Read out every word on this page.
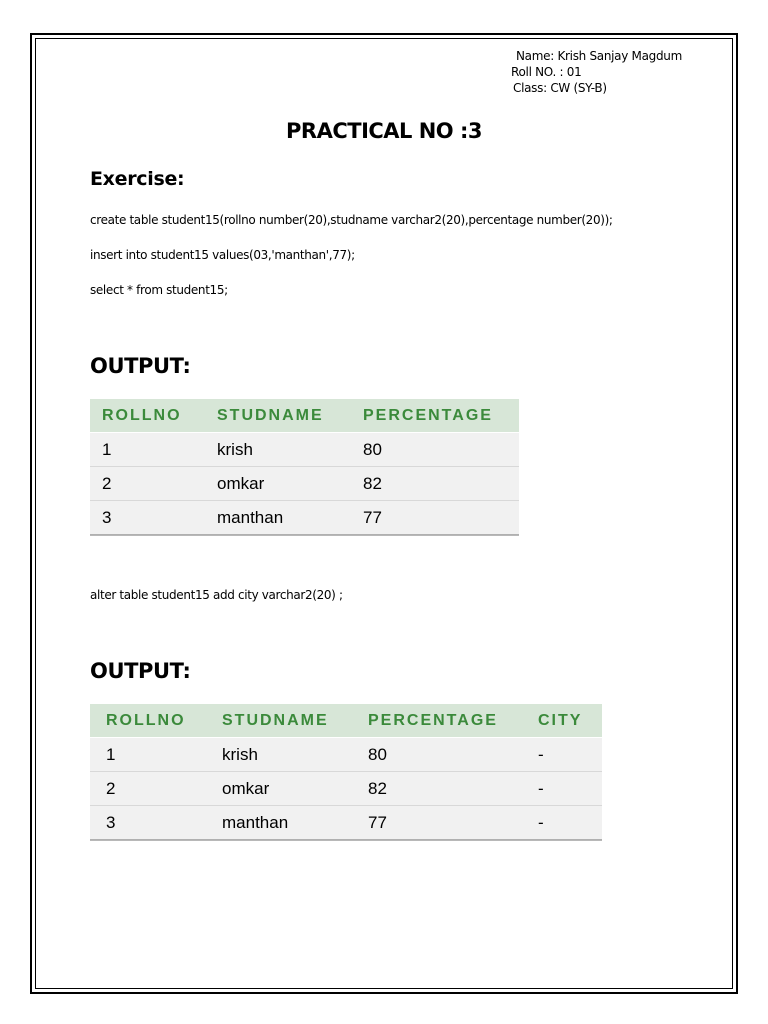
Name: Krish Sanjay Magdum
Roll NO. : 01
Class: CW (SY-B)
PRACTICAL NO :3
Exercise:
create table student15(rollno number(20),studname varchar2(20),percentage number(20));
insert into student15 values(03,'manthan',77);
select * from student15;
OUTPUT:
ROLLNO	STUDNAME	PERCENTAGE
1	krish	80
2	omkar	82
3	manthan	77
alter table student15 add city varchar2(20) ;
OUTPUT:
ROLLNO	STUDNAME	PERCENTAGE	CITY
1	krish	80	-
2	omkar	82	-
3	manthan	77	-
